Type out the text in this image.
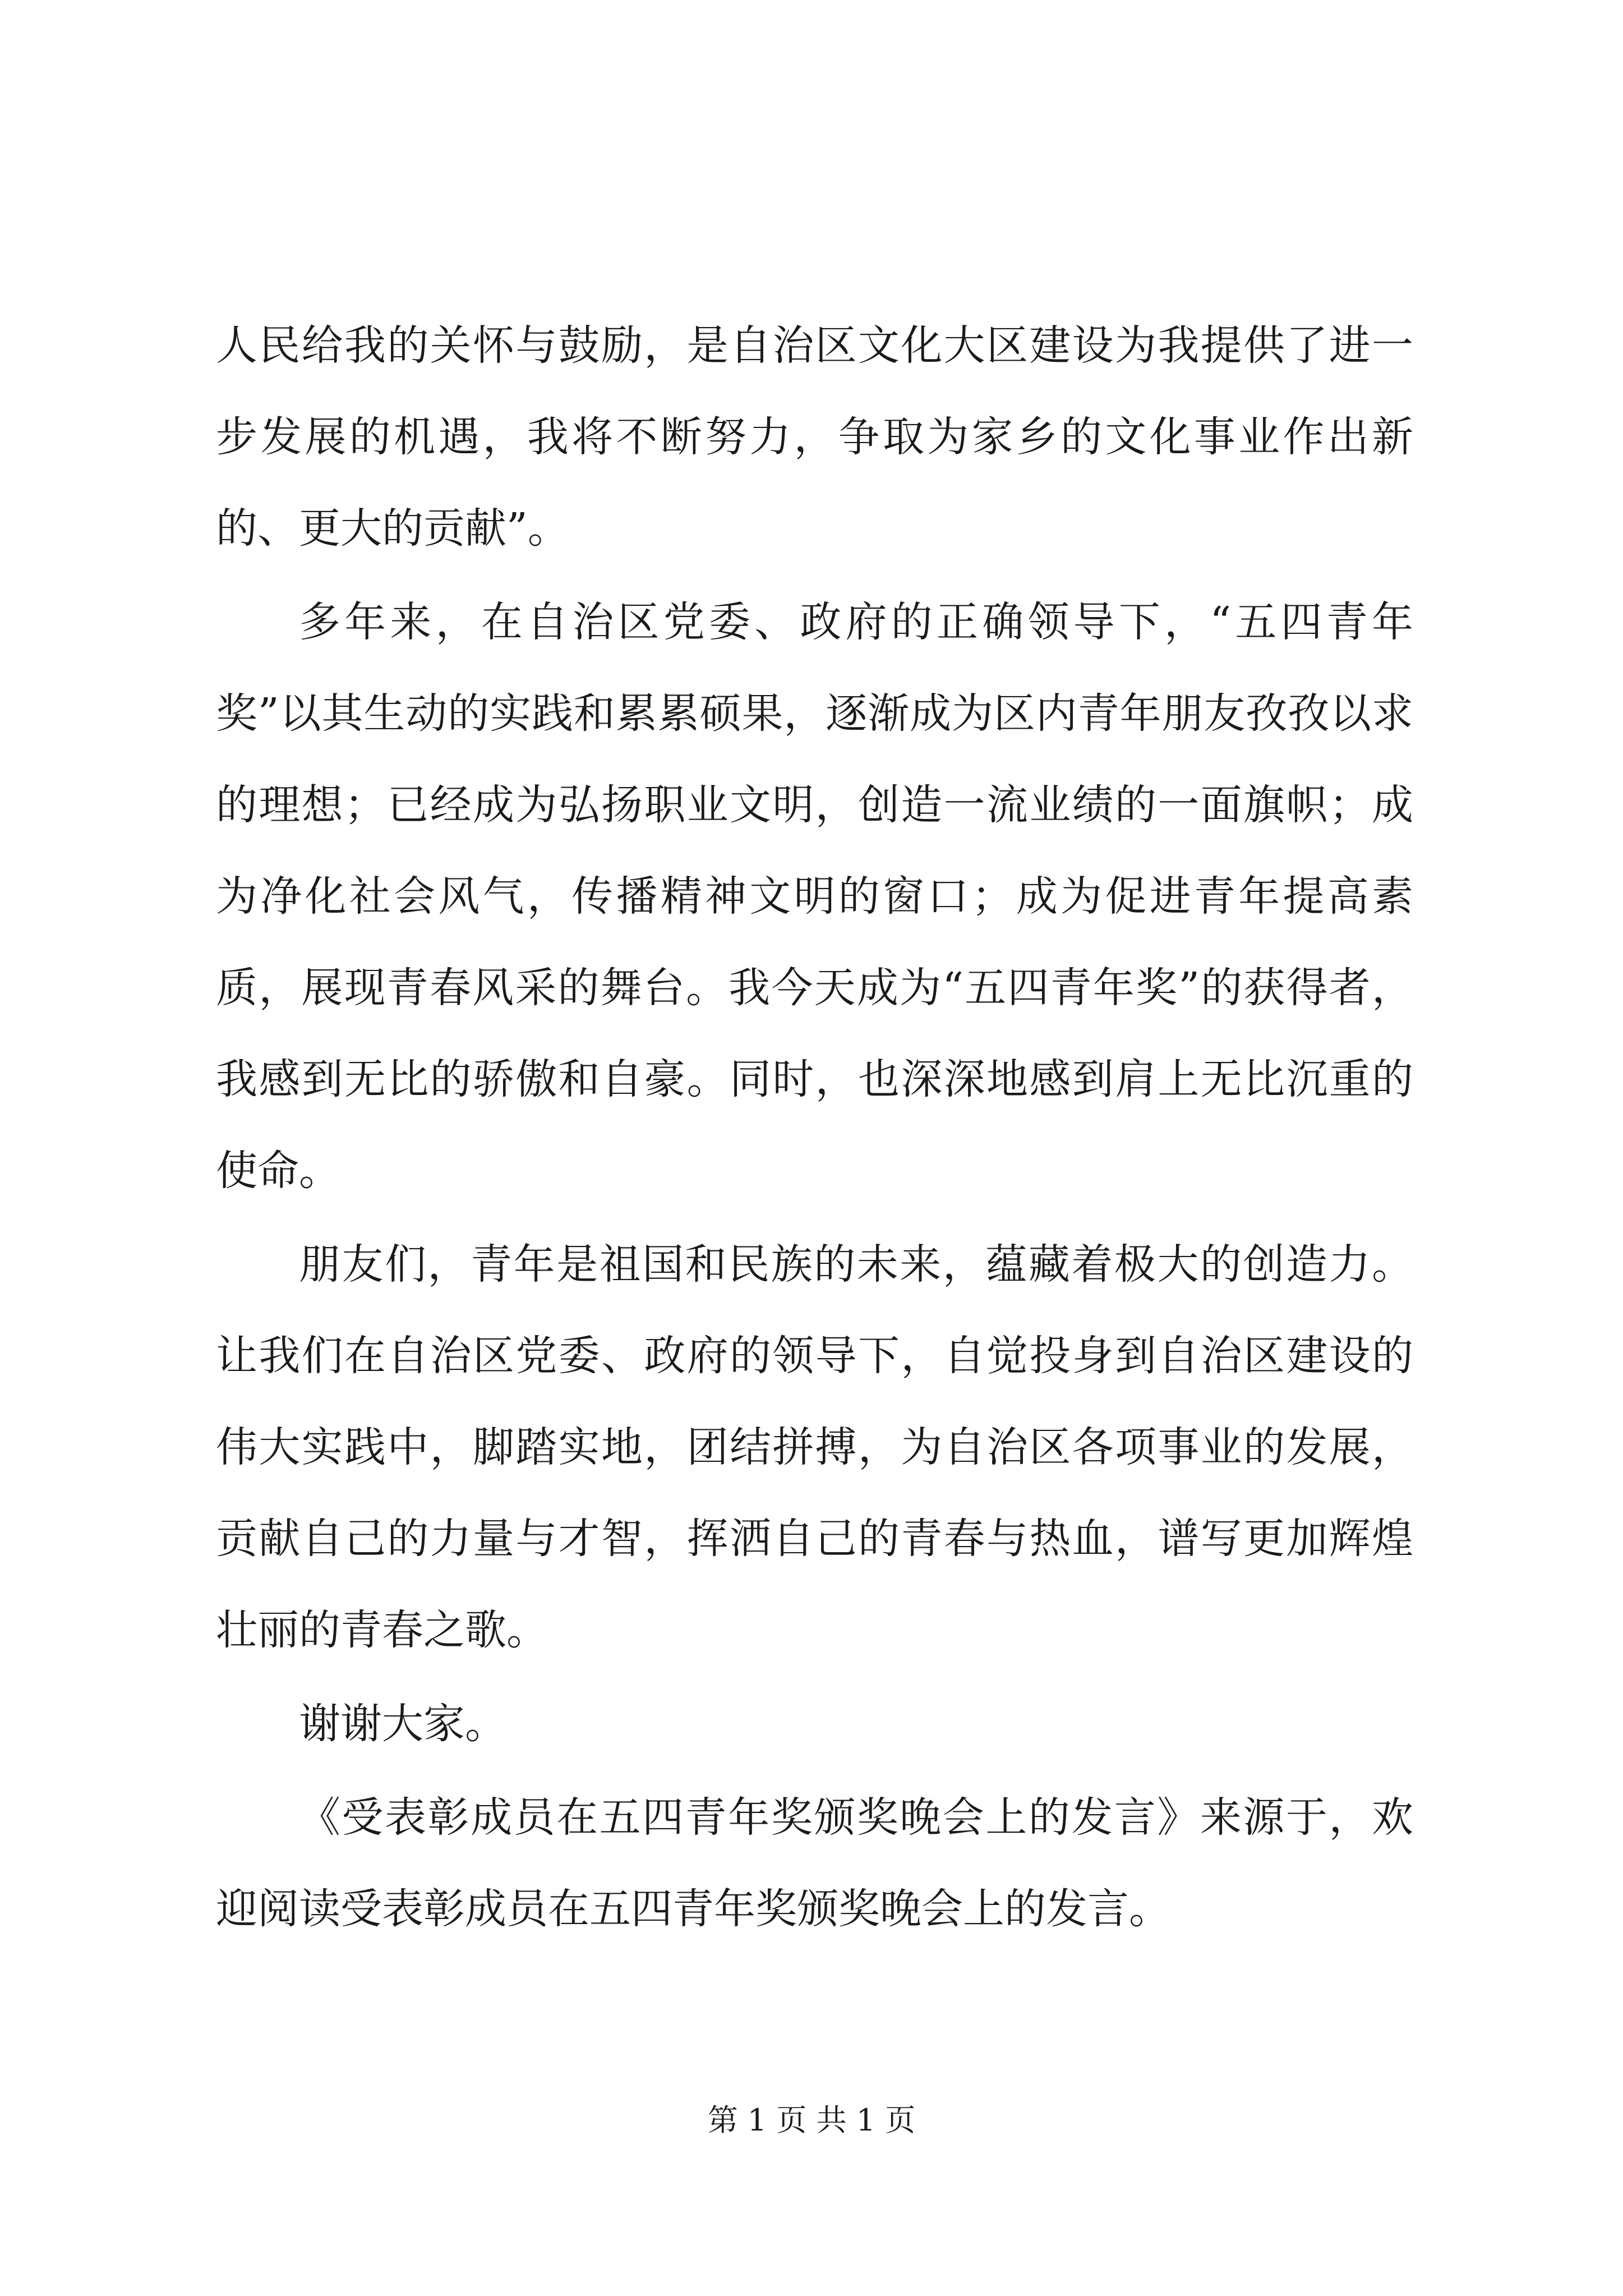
人民给我的关怀与鼓励，是自治区文化大区建设为我提供了进一步发展的机遇，我将不断努力，争取为家乡的文化事业作出新的、更大的贡献”。

多年来，在自治区党委、政府的正确领导下，“五四青年奖”以其生动的实践和累累硕果，逐渐成为区内青年朋友孜孜以求的理想；已经成为弘扬职业文明，创造一流业绩的一面旗帜；成为净化社会风气，传播精神文明的窗口；成为促进青年提高素质，展现青春风采的舞台。我今天成为“五四青年奖”的获得者，我感到无比的骄傲和自豪。同时，也深深地感到肩上无比沉重的使命。

朋友们，青年是祖国和民族的未来，蕴藏着极大的创造力。让我们在自治区党委、政府的领导下，自觉投身到自治区建设的伟大实践中，脚踏实地，团结拼搏，为自治区各项事业的发展，贡献自己的力量与才智，挥洒自己的青春与热血，谱写更加辉煌壮丽的青春之歌。

谢谢大家。

《受表彰成员在五四青年奖颁奖晚会上的发言》来源于，欢迎阅读受表彰成员在五四青年奖颁奖晚会上的发言。

第 1 页 共 1 页
